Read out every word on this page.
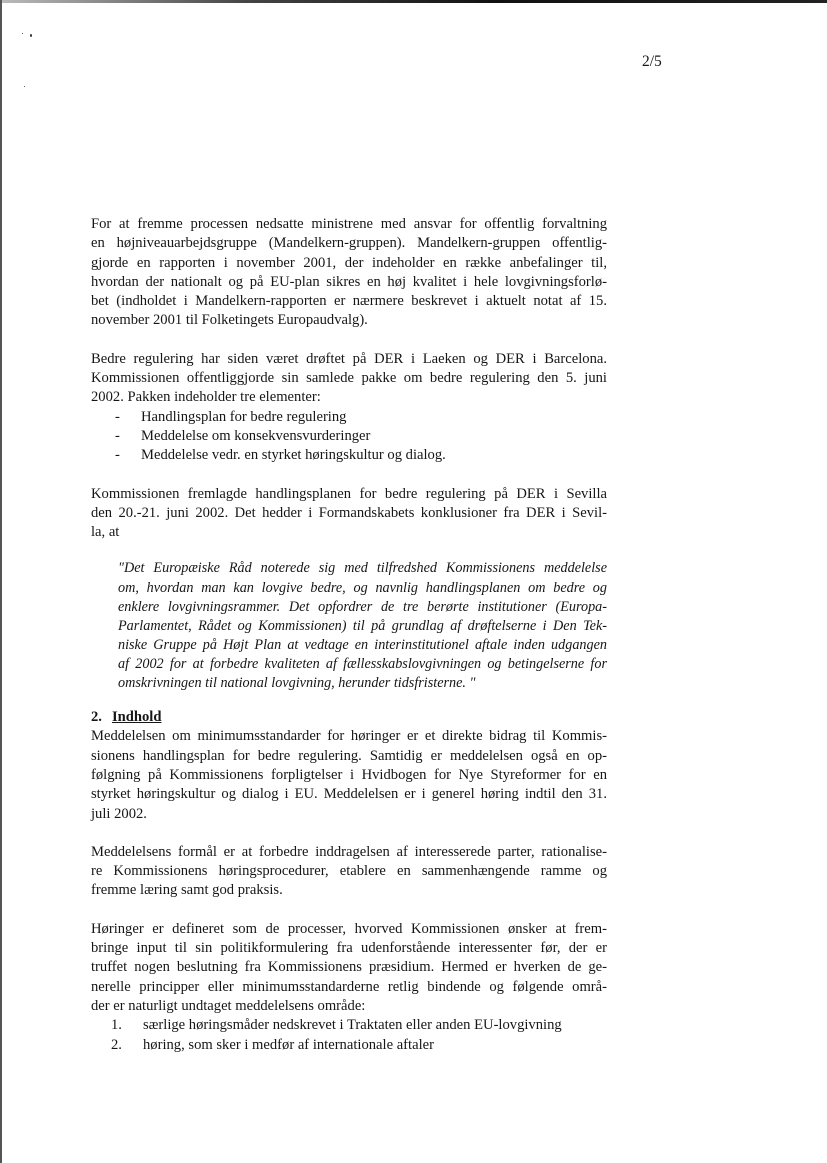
2/5

For at fremme processen nedsatte ministrene med ansvar for offentlig forvaltning

en højniveauarbejdsgruppe (Mandelkern-gruppen). Mandelkern-gruppen offentlig-

gjorde en rapporten i november 2001, der indeholder en række anbefalinger til,

hvordan der nationalt og på EU-plan sikres en høj kvalitet i hele lovgivningsforlø-

bet (indholdet i Mandelkern-rapporten er nærmere beskrevet i aktuelt notat af 15.

november 2001 til Folketingets Europaudvalg).

Bedre regulering har siden været drøftet på DER i Laeken og DER i Barcelona.

Kommissionen offentliggjorde sin samlede pakke om bedre regulering den 5. juni

2002. Pakken indeholder tre elementer:

- Handlingsplan for bedre regulering
- Meddelelse om konsekvensvurderinger
- Meddelelse vedr. en styrket høringskultur og dialog.

Kommissionen fremlagde handlingsplanen for bedre regulering på DER i Sevilla

den 20.-21. juni 2002. Det hedder i Formandskabets konklusioner fra DER i Sevil-

la, at

"Det Europæiske Råd noterede sig med tilfredshed Kommissionens meddelelse

om, hvordan man kan lovgive bedre, og navnlig handlingsplanen om bedre og

enklere lovgivningsrammer. Det opfordrer de tre berørte institutioner (Europa-

Parlamentet, Rådet og Kommissionen) til på grundlag af drøftelserne i Den Tek-

niske Gruppe på Højt Plan at vedtage en interinstitutionel aftale inden udgangen

af 2002 for at forbedre kvaliteten af fællesskabslovgivningen og betingelserne for

omskrivningen til national lovgivning, herunder tidsfristerne. "

2. Indhold

Meddelelsen om minimumsstandarder for høringer er et direkte bidrag til Kommis-

sionens handlingsplan for bedre regulering. Samtidig er meddelelsen også en op-

følgning på Kommissionens forpligtelser i Hvidbogen for Nye Styreformer for en

styrket høringskultur og dialog i EU. Meddelelsen er i generel høring indtil den 31.

juli 2002.

Meddelelsens formål er at forbedre inddragelsen af interesserede parter, rationalise-

re Kommissionens høringsprocedurer, etablere en sammenhængende ramme og

fremme læring samt god praksis.

Høringer er defineret som de processer, hvorved Kommissionen ønsker at frem-

bringe input til sin politikformulering fra udenforstående interessenter før, der er

truffet nogen beslutning fra Kommissionens præsidium. Hermed er hverken de ge-

nerelle principper eller minimumsstandarderne retlig bindende og følgende områ-

der er naturligt undtaget meddelelsens område:

1. særlige høringsmåder nedskrevet i Traktaten eller anden EU-lovgivning
2. høring, som sker i medfør af internationale aftaler
